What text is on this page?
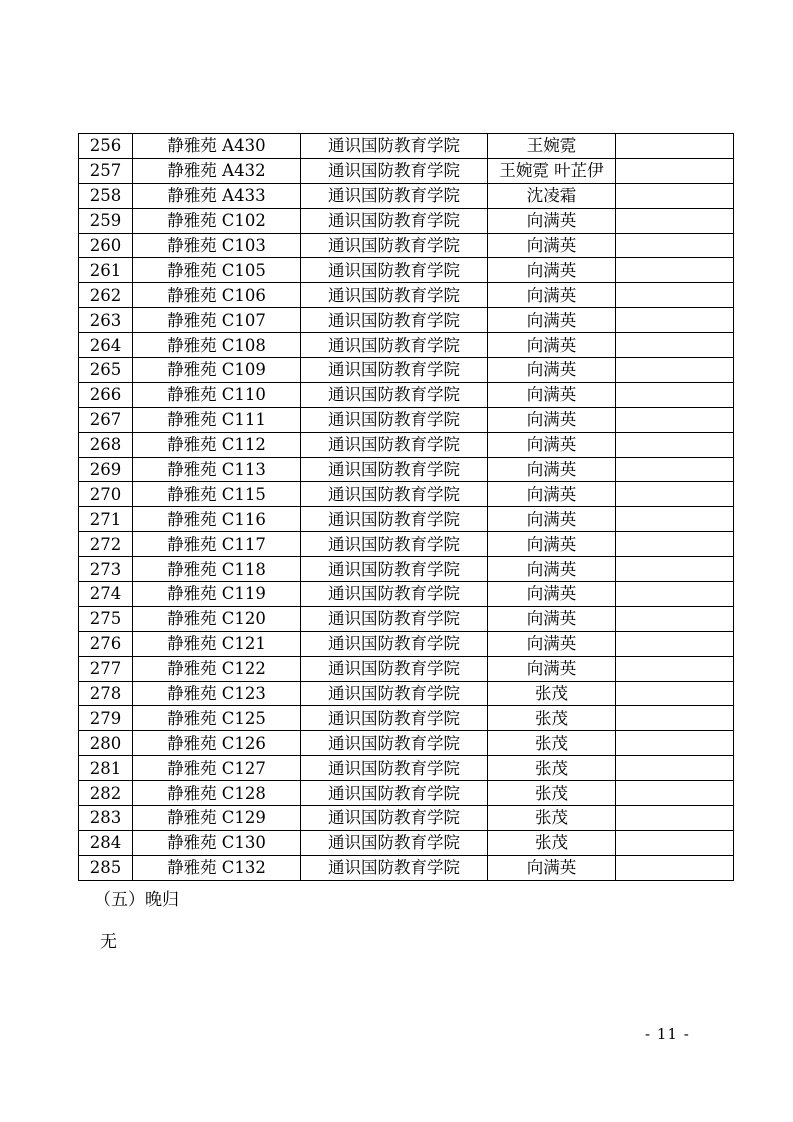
256	静雅苑 A430	通识国防教育学院	王婉霓	
257	静雅苑 A432	通识国防教育学院	王婉霓 叶芷伊	
258	静雅苑 A433	通识国防教育学院	沈凌霜	
259	静雅苑 C102	通识国防教育学院	向满英	
260	静雅苑 C103	通识国防教育学院	向满英	
261	静雅苑 C105	通识国防教育学院	向满英	
262	静雅苑 C106	通识国防教育学院	向满英	
263	静雅苑 C107	通识国防教育学院	向满英	
264	静雅苑 C108	通识国防教育学院	向满英	
265	静雅苑 C109	通识国防教育学院	向满英	
266	静雅苑 C110	通识国防教育学院	向满英	
267	静雅苑 C111	通识国防教育学院	向满英	
268	静雅苑 C112	通识国防教育学院	向满英	
269	静雅苑 C113	通识国防教育学院	向满英	
270	静雅苑 C115	通识国防教育学院	向满英	
271	静雅苑 C116	通识国防教育学院	向满英	
272	静雅苑 C117	通识国防教育学院	向满英	
273	静雅苑 C118	通识国防教育学院	向满英	
274	静雅苑 C119	通识国防教育学院	向满英	
275	静雅苑 C120	通识国防教育学院	向满英	
276	静雅苑 C121	通识国防教育学院	向满英	
277	静雅苑 C122	通识国防教育学院	向满英	
278	静雅苑 C123	通识国防教育学院	张茂	
279	静雅苑 C125	通识国防教育学院	张茂	
280	静雅苑 C126	通识国防教育学院	张茂	
281	静雅苑 C127	通识国防教育学院	张茂	
282	静雅苑 C128	通识国防教育学院	张茂	
283	静雅苑 C129	通识国防教育学院	张茂	
284	静雅苑 C130	通识国防教育学院	张茂	
285	静雅苑 C132	通识国防教育学院	向满英	
（五）晚归
无
- 11 -
